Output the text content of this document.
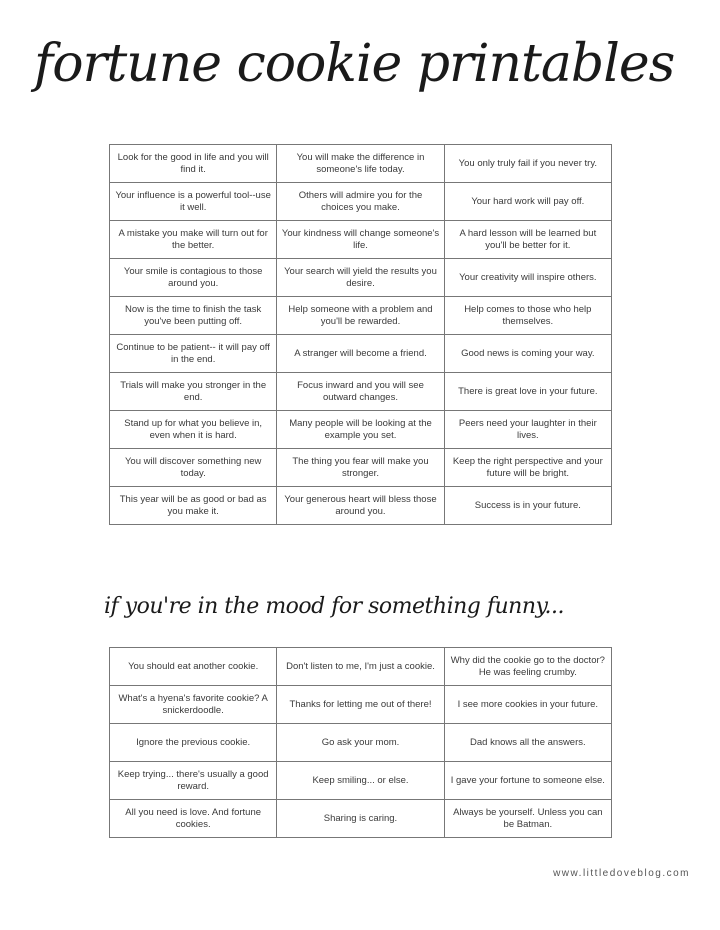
fortune cookie printables
Look for the good in life and you will find it.	You will make the difference in someone's life today.	You only truly fail if you never try.
Your influence is a powerful tool--use it well.	Others will admire you for the choices you make.	Your hard work will pay off.
A mistake you make will turn out for the better.	Your kindness will change someone's life.	A hard lesson will be learned but you'll be better for it.
Your smile is contagious to those around you.	Your search will yield the results you desire.	Your creativity will inspire others.
Now is the time to finish the task you've been putting off.	Help someone with a problem and you'll be rewarded.	Help comes to those who help themselves.
Continue to be patient-- it will pay off in the end.	A stranger will become a friend.	Good news is coming your way.
Trials will make you stronger in the end.	Focus inward and you will see outward changes.	There is great love in your future.
Stand up for what you believe in, even when it is hard.	Many people will be looking at the example you set.	Peers need your laughter in their lives.
You will discover something new today.	The thing you fear will make you stronger.	Keep the right perspective and your future will be bright.
This year will be as good or bad as you make it.	Your generous heart will bless those around you.	Success is in your future.
if you're in the mood for something funny...
You should eat another cookie.	Don't listen to me, I'm just a cookie.	Why did the cookie go to the doctor? He was feeling crumby.
What's a hyena's favorite cookie? A snickerdoodle.	Thanks for letting me out of there!	I see more cookies in your future.
Ignore the previous cookie.	Go ask your mom.	Dad knows all the answers.
Keep trying... there's usually a good reward.	Keep smiling... or else.	I gave your fortune to someone else.
All you need is love. And fortune cookies.	Sharing is caring.	Always be yourself. Unless you can be Batman.
www.littledoveblog.com
